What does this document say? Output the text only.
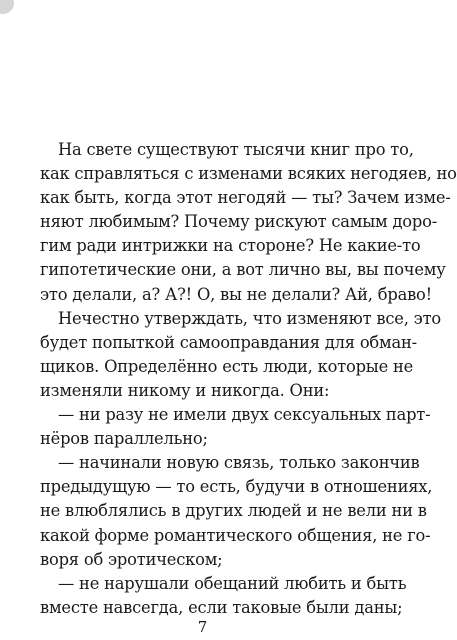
На свете существуют тысячи книг про то,
как справляться с изменами всяких негодяев, но
как быть, когда этот негодяй — ты? Зачем изме-
няют любимым? Почему рискуют самым доро-
гим ради интрижки на стороне? Не какие-то
гипотетические они, а вот лично вы, вы почему
это делали, а? А?! О, вы не делали? Ай, браво!
Нечестно утверждать, что изменяют все, это
будет попыткой самооправдания для обман-
щиков. Определённо есть люди, которые не
изменяли никому и никогда. Они:
— ни разу не имели двух сексуальных парт-
нёров параллельно;
— начинали новую связь, только закончив
предыдущую — то есть, будучи в отношениях,
не влюблялись в других людей и не вели ни в
какой форме романтического общения, не го-
воря об эротическом;
— не нарушали обещаний любить и быть
вместе навсегда, если таковые были даны;
7
